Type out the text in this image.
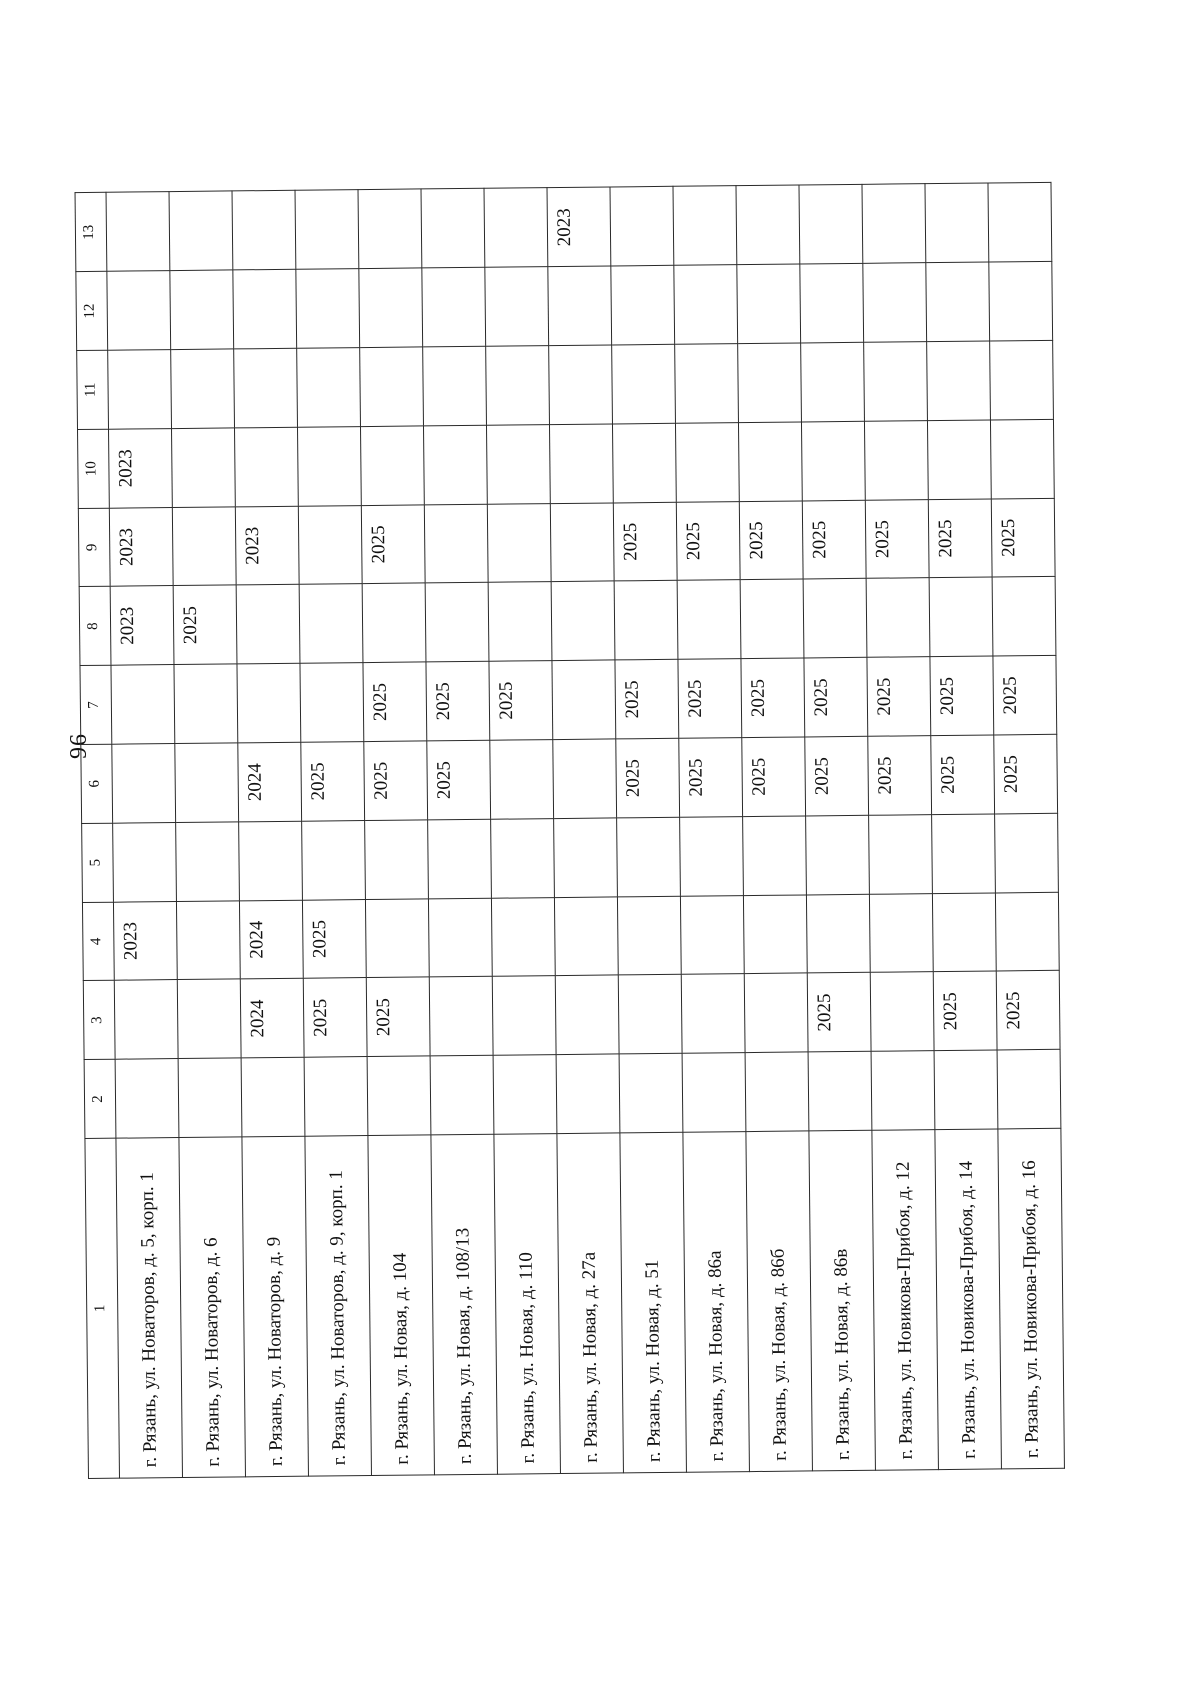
96
1	2	3	4	5	6	7	8	9	10	11	12	13
г. Рязань, ул. Новаторов, д. 5, корп. 1			2023				2023	2023	2023			
г. Рязань, ул. Новаторов, д. 6							2025					
г. Рязань, ул. Новаторов, д. 9		2024	2024		2024			2023				
г. Рязань, ул. Новаторов, д. 9, корп. 1		2025	2025		2025							
г. Рязань, ул. Новая, д. 104		2025			2025	2025		2025				
г. Рязань, ул. Новая, д. 108/13					2025	2025						
г. Рязань, ул. Новая, д. 110						2025						
г. Рязань, ул. Новая, д. 27а												2023
г. Рязань, ул. Новая, д. 51					2025	2025		2025				
г. Рязань, ул. Новая, д. 86а					2025	2025		2025				
г. Рязань, ул. Новая, д. 86б					2025	2025		2025				
г. Рязань, ул. Новая, д. 86в		2025			2025	2025		2025				
г. Рязань, ул. Новикова-Прибоя, д. 12					2025	2025		2025				
г. Рязань, ул. Новикова-Прибоя, д. 14		2025			2025	2025		2025				
г. Рязань, ул. Новикова-Прибоя, д. 16		2025			2025	2025		2025				
